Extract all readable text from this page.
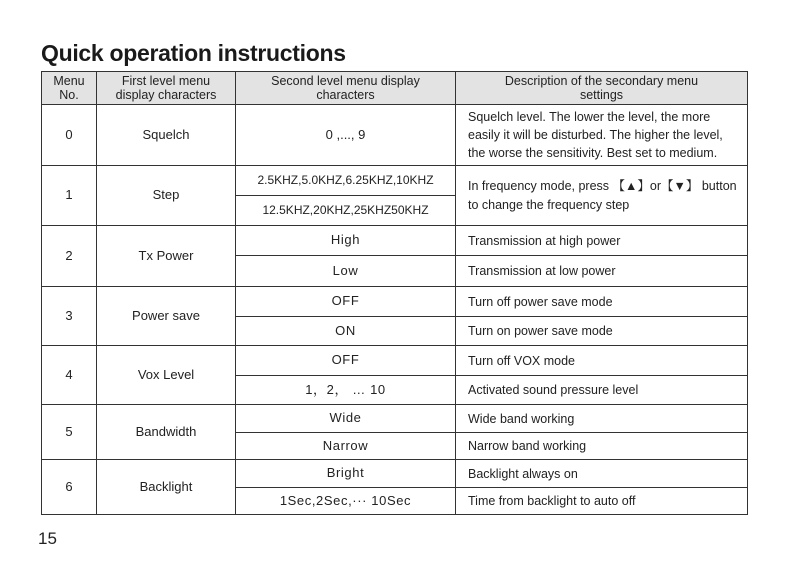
Quick operation instructions
Menu No.	First level menu display characters	Second level menu display characters	Description of the secondary menu settings
0	Squelch	0 ,..., 9	Squelch level. The lower the level, the more easily it will be disturbed. The higher the level, the worse the sensitivity. Best set to medium.
1	Step	2.5KHZ,5.0KHZ,6.25KHZ,10KHZ	In frequency mode, press 【▲】or【▼】 button to change the frequency step
		12.5KHZ,20KHZ,25KHZ50KHZ	
2	Tx Power	High	Transmission at high power
		Low	Transmission at low power
3	Power save	OFF	Turn off power save mode
		ON	Turn on power save mode
4	Vox Level	OFF	Turn off VOX mode
		1，2， … 10	Activated sound pressure level
5	Bandwidth	Wide	Wide band working
		Narrow	Narrow band working
6	Backlight	Bright	Backlight always on
		1Sec,2Sec,··· 10Sec	Time from backlight to auto off
15
